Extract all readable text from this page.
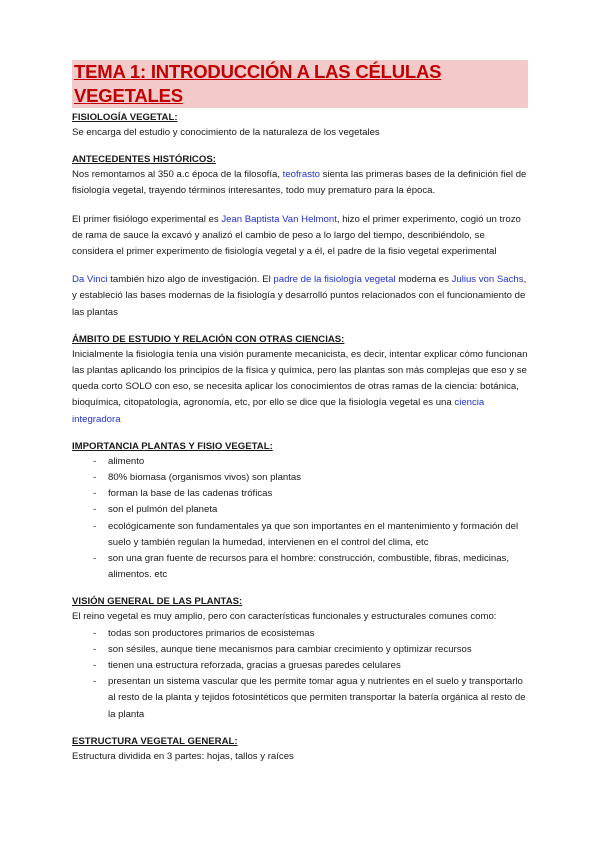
TEMA 1: INTRODUCCIÓN A LAS CÉLULAS VEGETALES
FISIOLOGÍA VEGETAL:

Se encarga del estudio y conocimiento de la naturaleza de los vegetales

ANTECEDENTES HISTÓRICOS:

Nos remontamos al 350 a.c época de la filosofía, teofrasto sienta las primeras bases de la definición fiel de fisiología vegetal, trayendo términos interesantes, todo muy prematuro para la época.

El primer fisiólogo experimental es Jean Baptista Van Helmont, hizo el primer experimento, cogió un trozo de rama de sauce la excavó y analizó el cambio de peso a lo largo del tiempo, describiéndolo, se considera el primer experimento de fisiología vegetal y a él, el padre de la fisio vegetal experimental

Da Vinci también hizo algo de investigación. El padre de la fisiología vegetal moderna es Julius von Sachs, y estableció las bases modernas de la fisiología y desarrolló puntos relacionados con el funcionamiento de las plantas

ÁMBITO DE ESTUDIO Y RELACIÓN CON OTRAS CIENCIAS:

Inicialmente la fisiología tenía una visión puramente mecanicista, es decir, intentar explicar cómo funcionan las plantas aplicando los principios de la física y química, pero las plantas son más complejas que eso y se queda corto SOLO con eso, se necesita aplicar los conocimientos de otras ramas de la ciencia: botánica, bioquímica, citopatología, agronomía, etc, por ello se dice que la fisiología vegetal es una ciencia integradora

IMPORTANCIA PLANTAS Y FISIO VEGETAL:
- alimento
- 80% biomasa (organismos vivos) son plantas
- forman la base de las cadenas tróficas
- son el pulmón del planeta
- ecológicamente son fundamentales ya que son importantes en el mantenimiento y formación del suelo y también regulan la humedad, intervienen en el control del clima, etc
- son una gran fuente de recursos para el hombre: construcción, combustible, fibras, medicinas, alimentos. etc
VISIÓN GENERAL DE LAS PLANTAS:

El reino vegetal es muy amplio, pero con características funcionales y estructurales comunes como:

- todas son productores primarios de ecosistemas
- son sésiles, aunque tiene mecanismos para cambiar crecimiento y optimizar recursos
- tienen una estructura reforzada, gracias a gruesas paredes celulares
- presentan un sistema vascular que les permite tomar agua y nutrientes en el suelo y transportarlo al resto de la planta y tejidos fotosintéticos que permiten transportar la batería orgánica al resto de la planta
ESTRUCTURA VEGETAL GENERAL:

Estructura dividida en 3 partes: hojas, tallos y raíces
